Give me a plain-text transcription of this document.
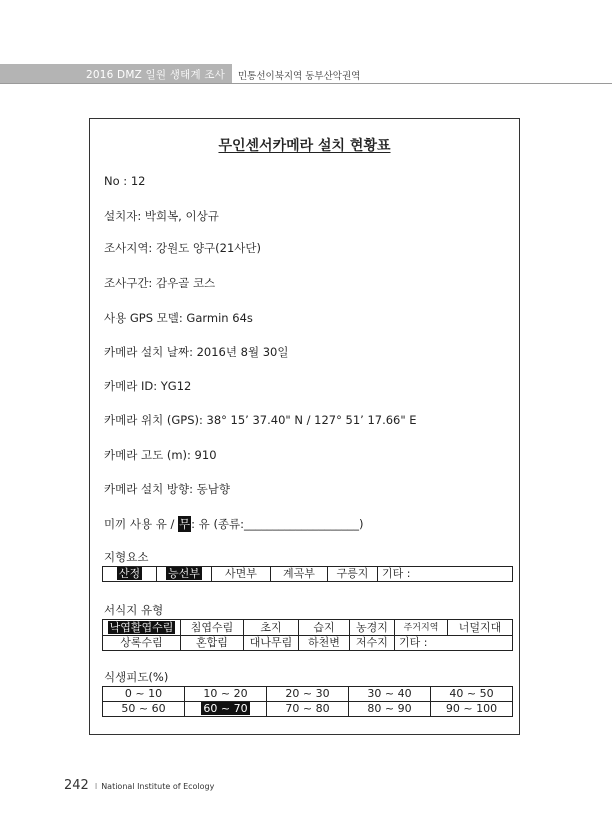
2016 DMZ 일원 생태계 조사 민통선이북지역 동부산악권역
무인센서카메라 설치 현황표
No : 12
설치자: 박희복, 이상규
조사지역: 강원도 양구(21사단)
조사구간: 감우골 코스
사용 GPS 모델: Garmin 64s
카메라 설치 날짜: 2016년 8월 30일
카메라 ID: YG12
카메라 위치 (GPS): 38° 15’ 37.40" N / 127° 51’ 17.66" E
카메라 고도 (m): 910
카메라 설치 방향: 동남향
미끼 사용 유 / 무: 유 (종류:____________________)
지형요소
산정	능선부	사면부	계곡부	구릉지	기타 :
서식지 유형
낙엽활엽수림	침엽수림	초지	습지	농경지	주거지역	너덜지대
상록수림	혼합림	대나무림	하천변	저수지	기타 :	
식생피도(%)
0 ~ 10	10 ~ 20	20 ~ 30	30 ~ 40	40 ~ 50
50 ~ 60	60 ~ 70	70 ~ 80	80 ~ 90	90 ~ 100
242 I National Institute of Ecology
